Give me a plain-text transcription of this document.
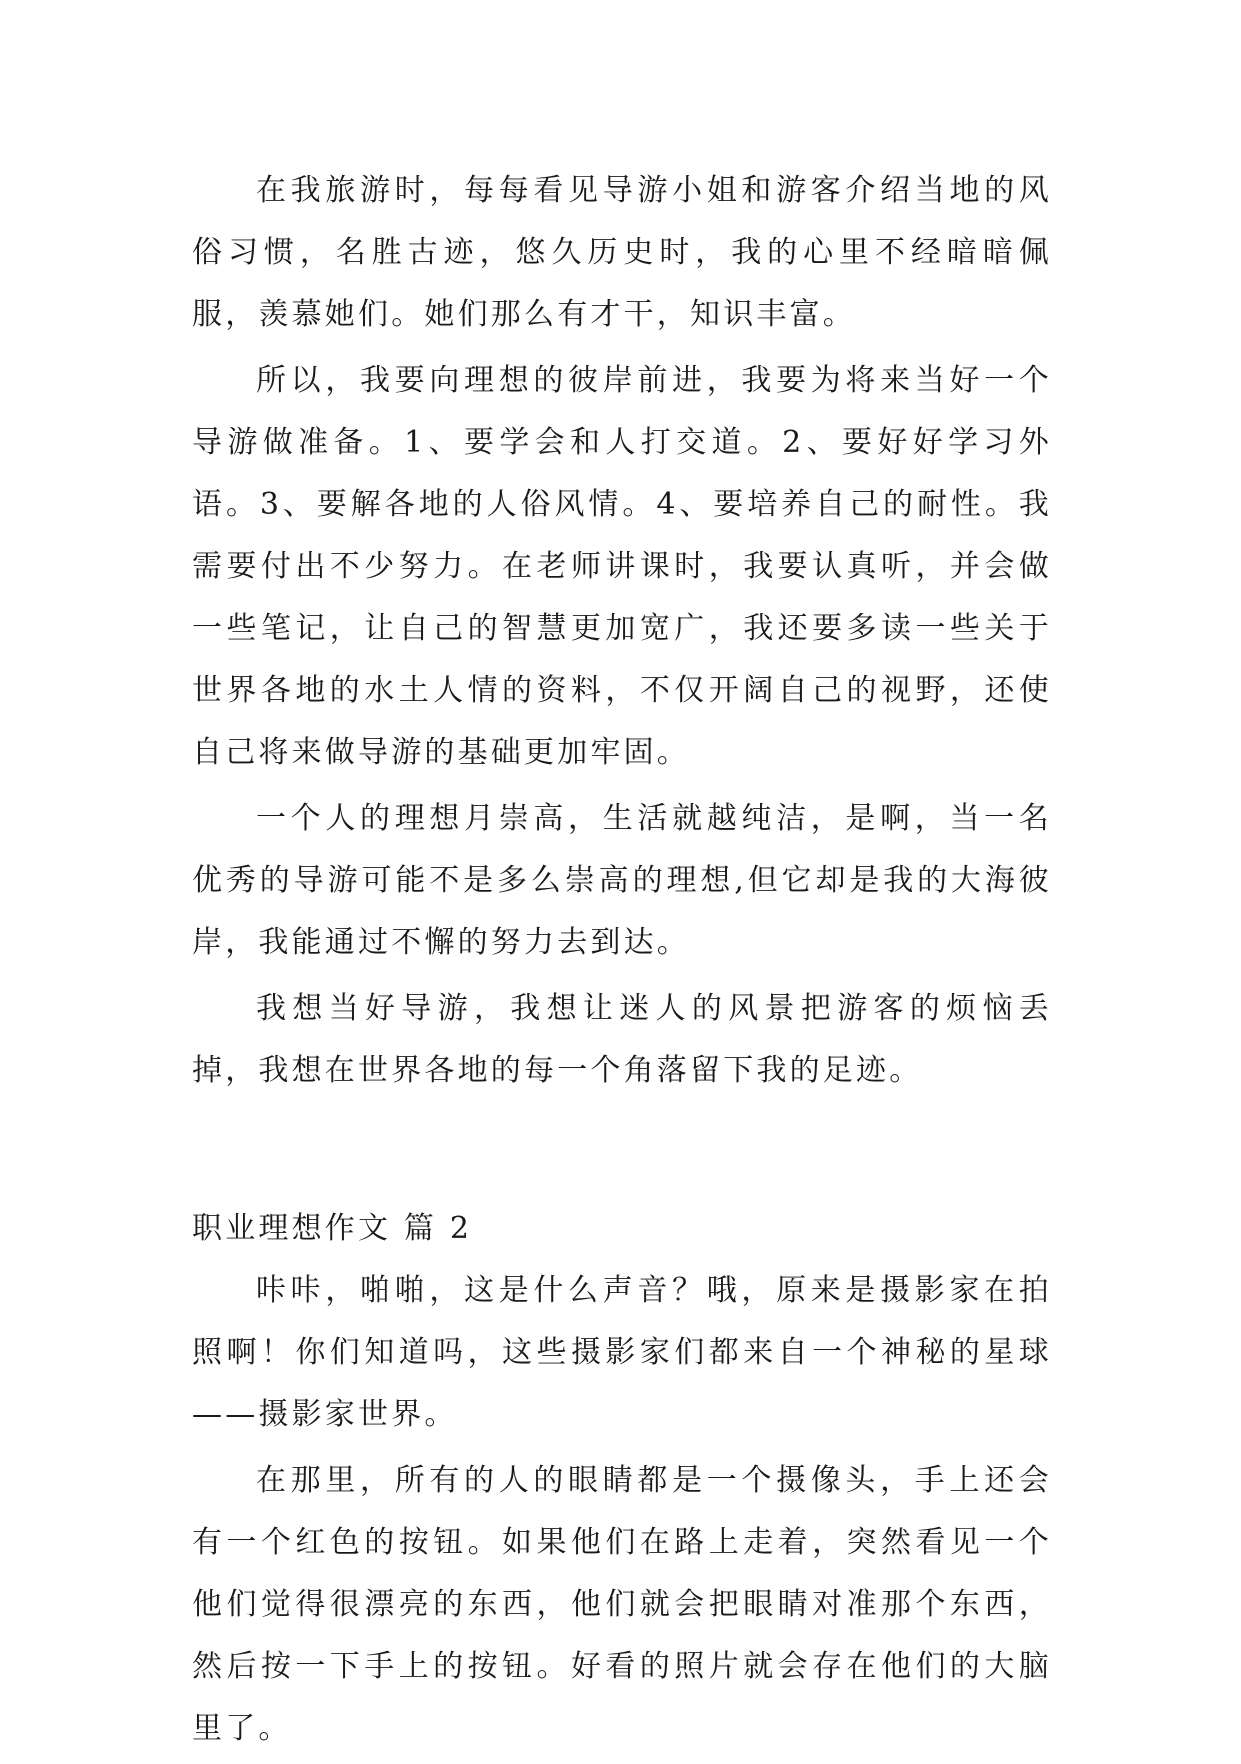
在我旅游时，每每看见导游小姐和游客介绍当地的风俗习惯，名胜古迹，悠久历史时，我的心里不经暗暗佩服，羡慕她们。她们那么有才干，知识丰富。

所以，我要向理想的彼岸前进，我要为将来当好一个导游做准备。1、要学会和人打交道。2、要好好学习外语。3、要解各地的人俗风情。4、要培养自己的耐性。我需要付出不少努力。在老师讲课时，我要认真听，并会做一些笔记，让自己的智慧更加宽广，我还要多读一些关于世界各地的水土人情的资料，不仅开阔自己的视野，还使自己将来做导游的基础更加牢固。

一个人的理想月崇高，生活就越纯洁，是啊，当一名优秀的导游可能不是多么崇高的理想,但它却是我的大海彼岸，我能通过不懈的努力去到达。

我想当好导游，我想让迷人的风景把游客的烦恼丢掉，我想在世界各地的每一个角落留下我的足迹。

职业理想作文 篇 2

咔咔，啪啪，这是什么声音？哦，原来是摄影家在拍照啊！你们知道吗，这些摄影家们都来自一个神秘的星球——摄影家世界。

在那里，所有的人的眼睛都是一个摄像头，手上还会有一个红色的按钮。如果他们在路上走着，突然看见一个他们觉得很漂亮的东西，他们就会把眼睛对准那个东西，然后按一下手上的按钮。好看的照片就会存在他们的大脑里了。
